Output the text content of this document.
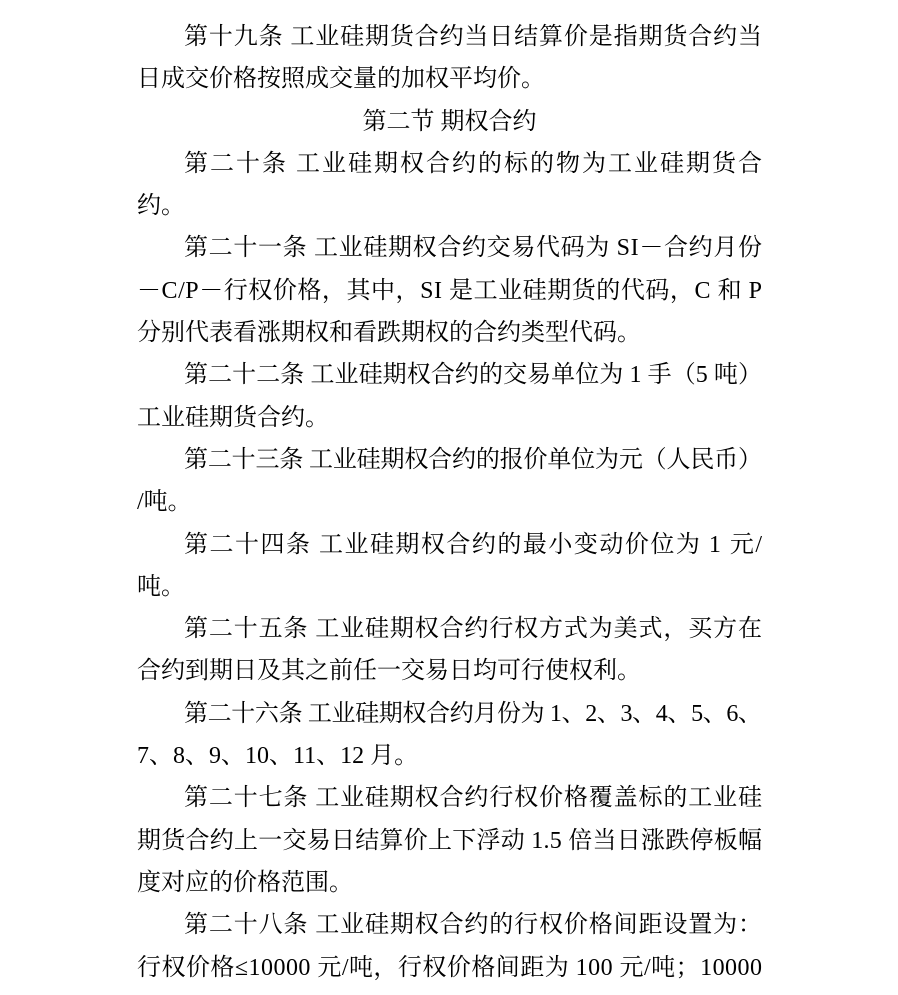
第十九条 工业硅期货合约当日结算价是指期货合约当
日成交价格按照成交量的加权平均价。
第二节 期权合约
第二十条 工业硅期权合约的标的物为工业硅期货合
约。
第二十一条 工业硅期权合约交易代码为 SI－合约月份
－C/P－行权价格，其中，SI 是工业硅期货的代码，C 和 P
分别代表看涨期权和看跌期权的合约类型代码。
第二十二条 工业硅期权合约的交易单位为 1 手（5 吨）
工业硅期货合约。
第二十三条 工业硅期权合约的报价单位为元（人民币）
/吨。
第二十四条 工业硅期权合约的最小变动价位为 1 元/
吨。
第二十五条 工业硅期权合约行权方式为美式，买方在
合约到期日及其之前任一交易日均可行使权利。
第二十六条 工业硅期权合约月份为 1、2、3、4、5、6、
7、8、9、10、11、12 月。
第二十七条 工业硅期权合约行权价格覆盖标的工业硅
期货合约上一交易日结算价上下浮动 1.5 倍当日涨跌停板幅
度对应的价格范围。
第二十八条 工业硅期权合约的行权价格间距设置为：
行权价格≤10000 元/吨，行权价格间距为 100 元/吨；10000
